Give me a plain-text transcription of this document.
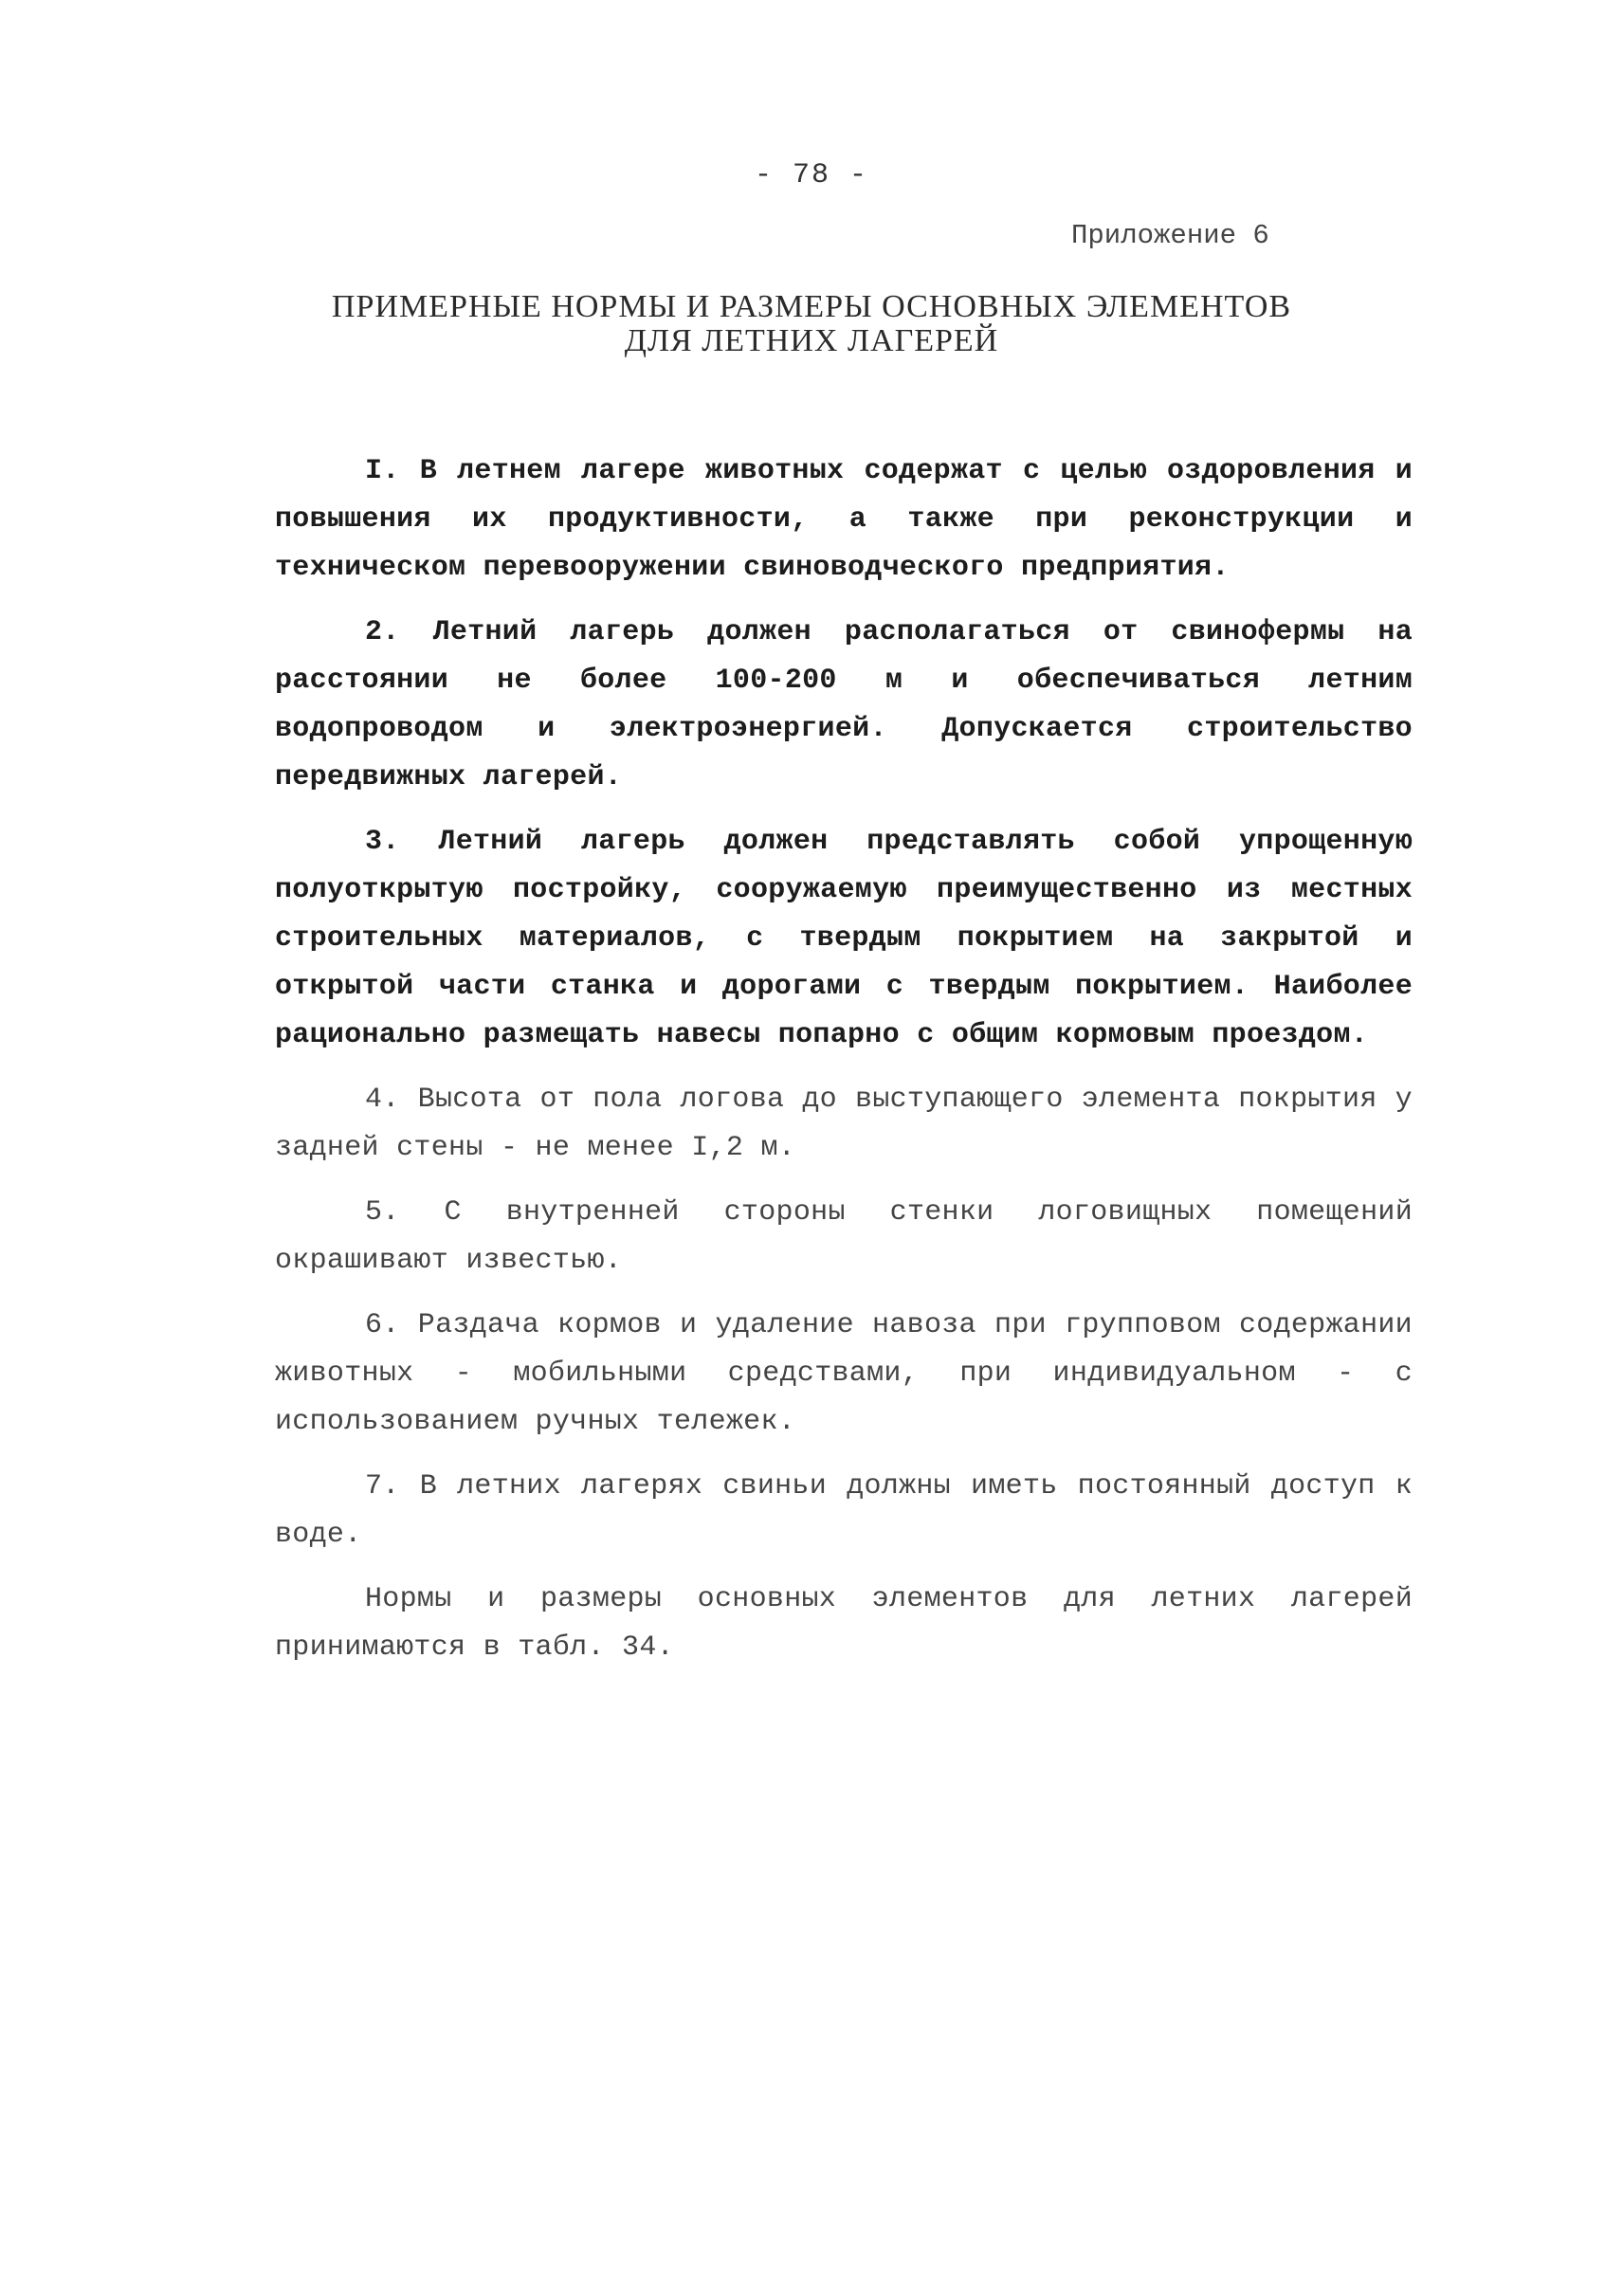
- 78 -
Приложение 6
ПРИМЕРНЫЕ НОРМЫ И РАЗМЕРЫ ОСНОВНЫХ ЭЛЕМЕНТОВ
ДЛЯ ЛЕТНИХ ЛАГЕРЕЙ

I. В летнем лагере животных содержат с целью оздоровления и повышения их продуктивности, а также при реконструкции и техническом перевооружении свиноводческого предприятия.

2. Летний лагерь должен располагаться от свинофермы на расстоянии не более 100-200 м и обеспечиваться летним водопроводом и электроэнергией. Допускается строительство передвижных лагерей.

3. Летний лагерь должен представлять собой упрощенную полуоткрытую постройку, сооружаемую преимущественно из местных строительных материалов, с твердым покрытием на закрытой и открытой части станка и дорогами с твердым покрытием. Наиболее рационально размещать навесы попарно с общим кормовым проездом.

4. Высота от пола логова до выступающего элемента покрытия у задней стены - не менее I,2 м.

5. С внутренней стороны стенки логовищных помещений окрашивают известью.

6. Раздача кормов и удаление навоза при групповом содержании животных - мобильными средствами, при индивидуальном - с использованием ручных тележек.

7. В летних лагерях свиньи должны иметь постоянный доступ к воде.

Нормы и размеры основных элементов для летних лагерей принимаются в табл. 34.
